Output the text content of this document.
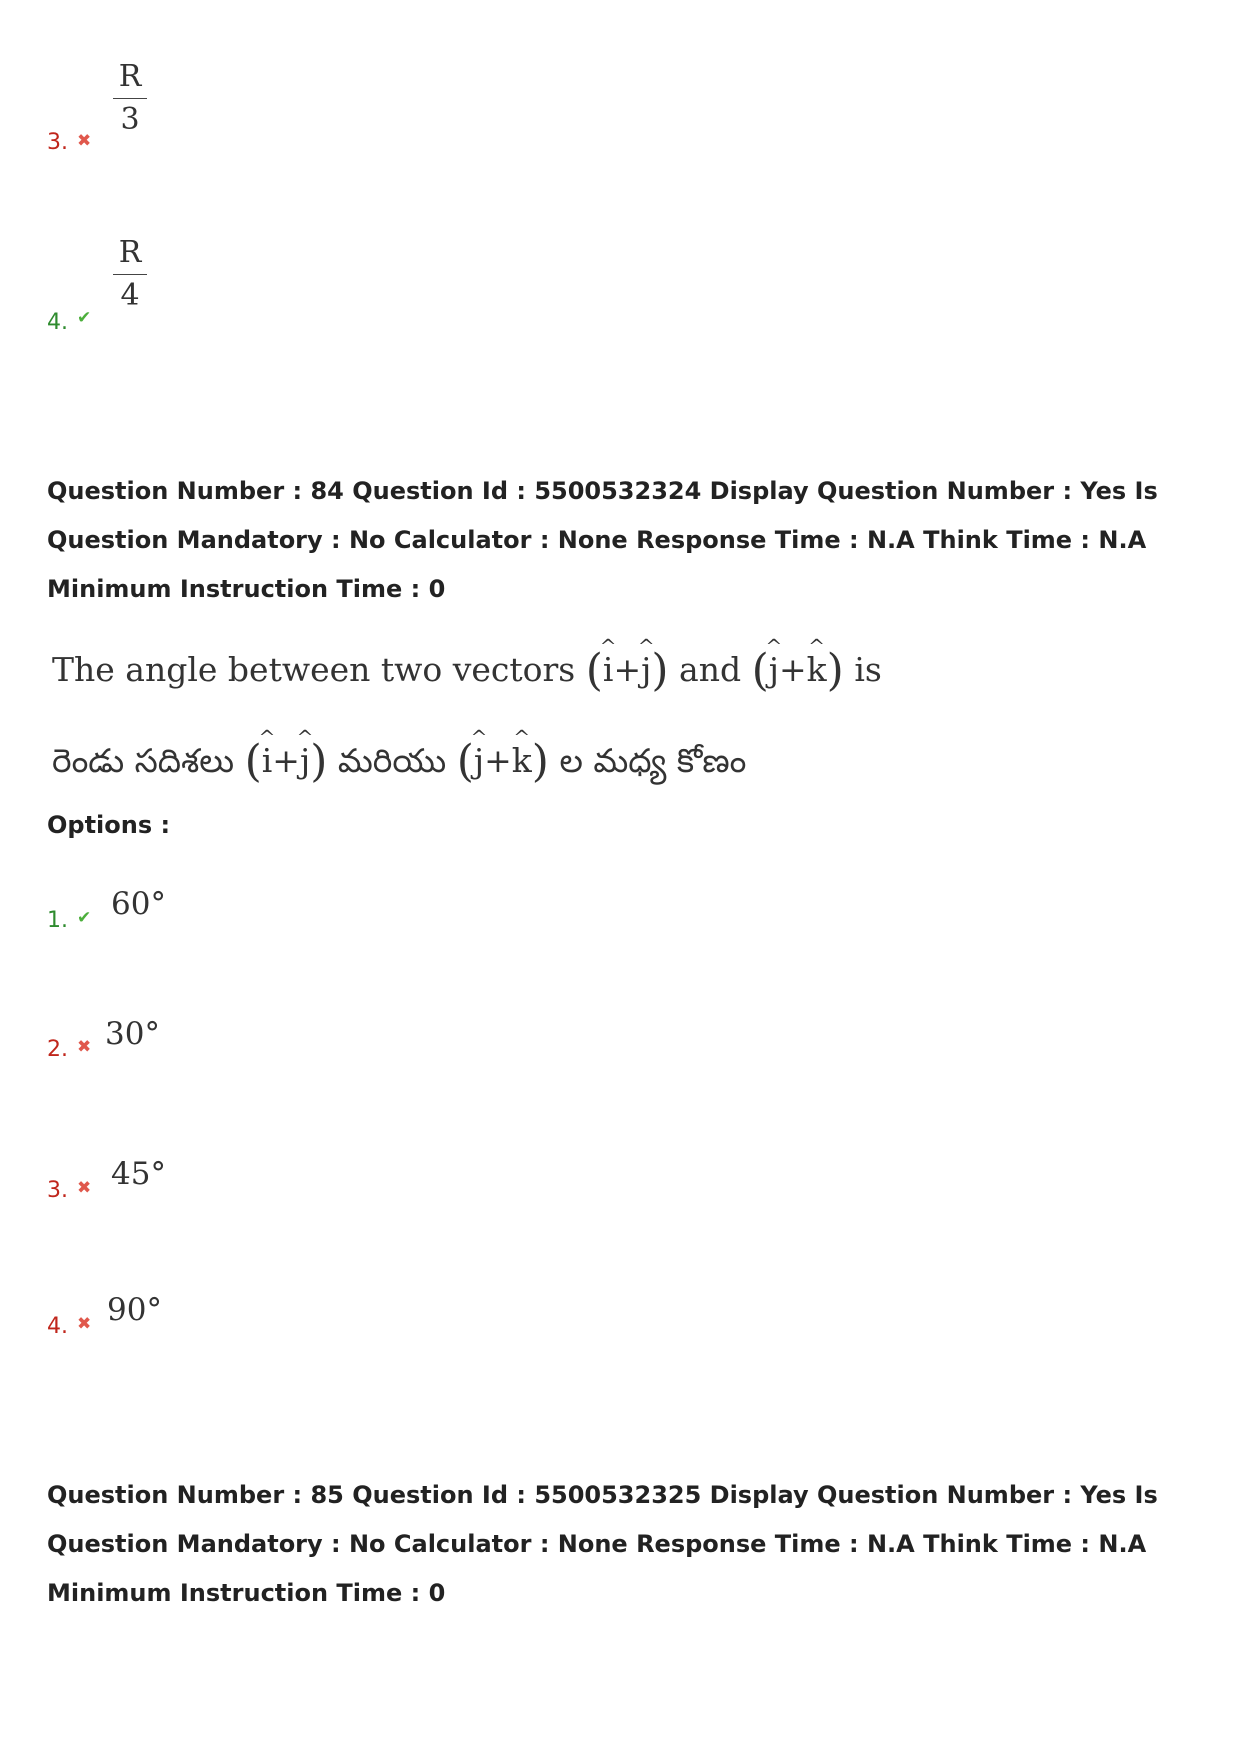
3. ✖
R
3
4. ✔
R
4
Question Number : 84 Question Id : 5500532324 Display Question Number : Yes Is Question Mandatory : No Calculator : None Response Time : N.A Think Time : N.A Minimum Instruction Time : 0
The angle between two vectors (^ i+^ j) and (^ j+^ k) is
రెండు సదిశలు (^ i+^ j) మరియు (^ j+^ k) ల మధ్య కోణం
Options :
1. ✔ 60°
2. ✖ 30°
3. ✖ 45°
4. ✖ 90°
Question Number : 85 Question Id : 5500532325 Display Question Number : Yes Is Question Mandatory : No Calculator : None Response Time : N.A Think Time : N.A Minimum Instruction Time : 0
